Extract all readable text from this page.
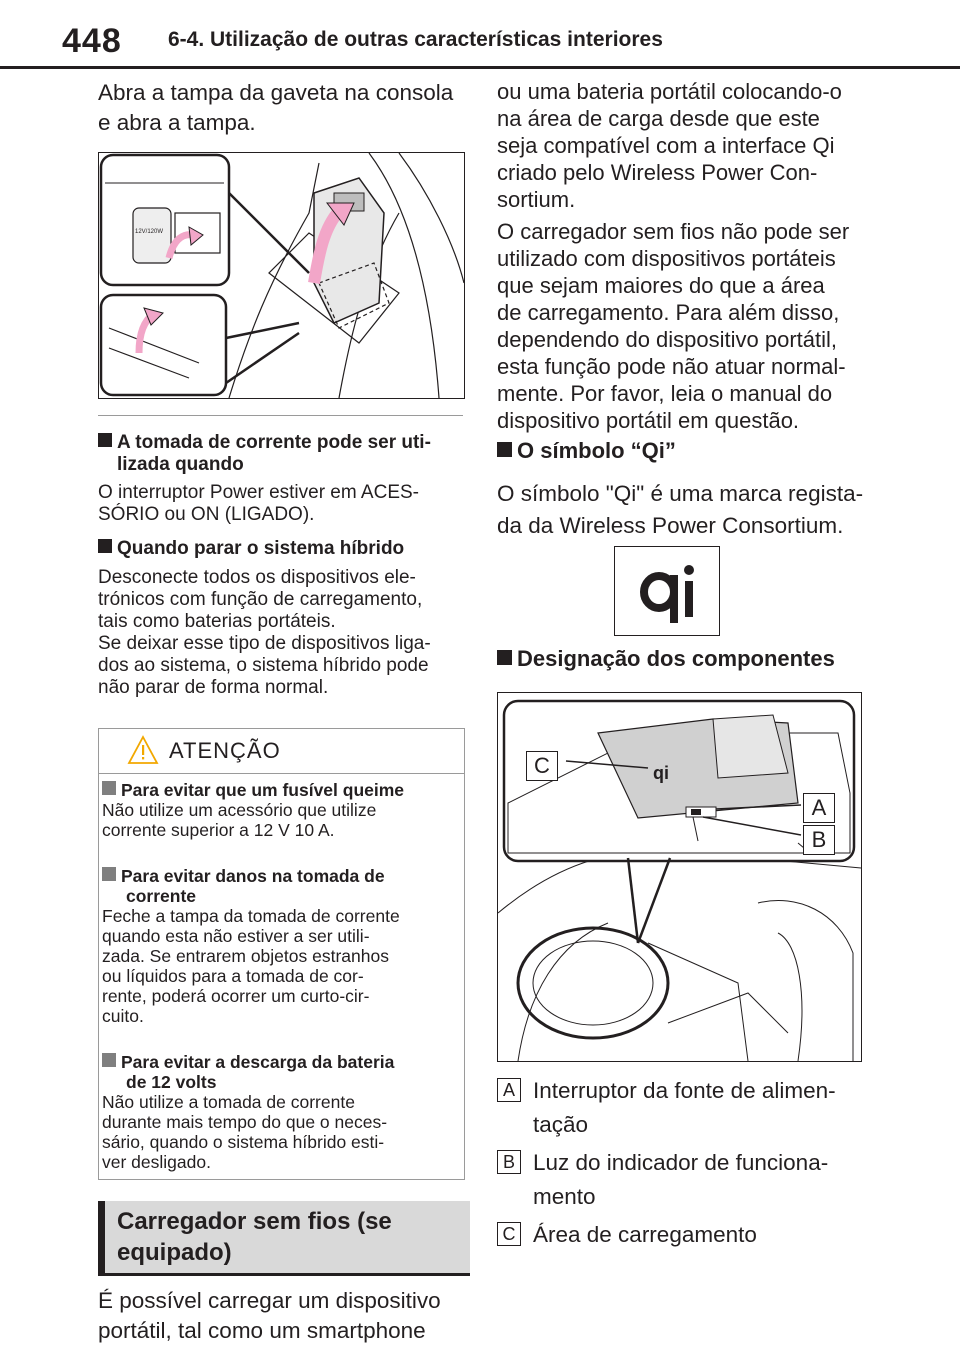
448 6-4. Utilização de outras características interiores
Abra a tampa da gaveta na consola
e abra a tampa.
12V/120W
A tomada de corrente pode ser uti-
lizada quando
O interruptor Power estiver em ACES-
SÓRIO ou ON (LIGADO).
Quando parar o sistema híbrido
Desconecte todos os dispositivos ele-
trónicos com função de carregamento,
tais como baterias portáteis.
Se deixar esse tipo de dispositivos liga-
dos ao sistema, o sistema híbrido pode
não parar de forma normal.
ATENÇÃO
Para evitar que um fusível queime
Não utilize um acessório que utilize
corrente superior a 12 V 10 A.
Para evitar danos na tomada de
corrente
Feche a tampa da tomada de corrente
quando esta não estiver a ser utili-
zada. Se entrarem objetos estranhos
ou líquidos para a tomada de cor-
rente, poderá ocorrer um curto-cir-
cuito.
Para evitar a descarga da bateria
de 12 volts
Não utilize a tomada de corrente
durante mais tempo do que o neces-
sário, quando o sistema híbrido esti-
ver desligado.
Carregador sem fios (se
equipado)
É possível carregar um dispositivo
portátil, tal como um smartphone
ou uma bateria portátil colocando-o
na área de carga desde que este
seja compatível com a interface Qi
criado pelo Wireless Power Con-
sortium.
O carregador sem fios não pode ser
utilizado com dispositivos portáteis
que sejam maiores do que a área
de carregamento. Para além disso,
dependendo do dispositivo portátil,
esta função pode não atuar normal-
mente. Por favor, leia o manual do
dispositivo portátil em questão.
O símbolo “Qi”
O símbolo "Qi" é uma marca regista-
da da Wireless Power Consortium.
Designação dos componentes
qi
C
A
B
A Interruptor da fonte de alimen-
tação
B Luz do indicador de funciona-
mento
C Área de carregamento
